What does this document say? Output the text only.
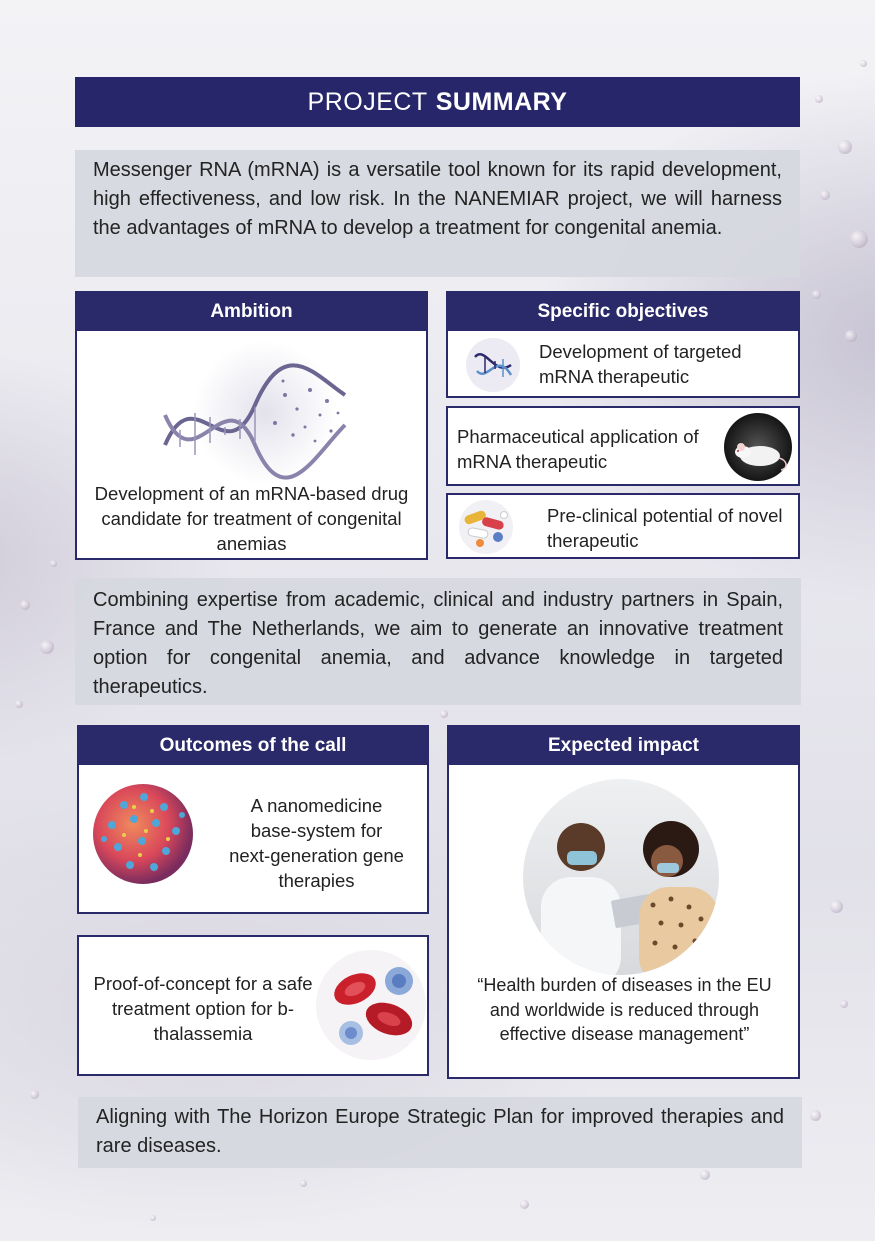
PROJECT SUMMARY
Messenger RNA (mRNA) is a versatile tool known for its rapid development, high effectiveness, and low risk. In the NANEMIAR project, we will harness the advantages of mRNA to develop a treatment for congenital anemia.
Ambition
Development of an mRNA-based drug candidate for treatment of congenital anemias
Specific objectives
Development of targeted mRNA therapeutic
Pharmaceutical application of mRNA therapeutic
Pre-clinical potential of novel therapeutic
Combining expertise from academic, clinical and industry partners in Spain, France and The Netherlands, we aim to generate an innovative treatment option for congenital anemia, and advance knowledge in targeted therapeutics.
Outcomes of the call
A nanomedicine base-system for next-generation gene therapies
Proof-of-concept for a safe treatment option for b-thalassemia
Expected impact
“Health burden of diseases in the EU and worldwide is reduced through effective disease management”
Aligning with The Horizon Europe Strategic Plan for improved therapies and rare diseases.
